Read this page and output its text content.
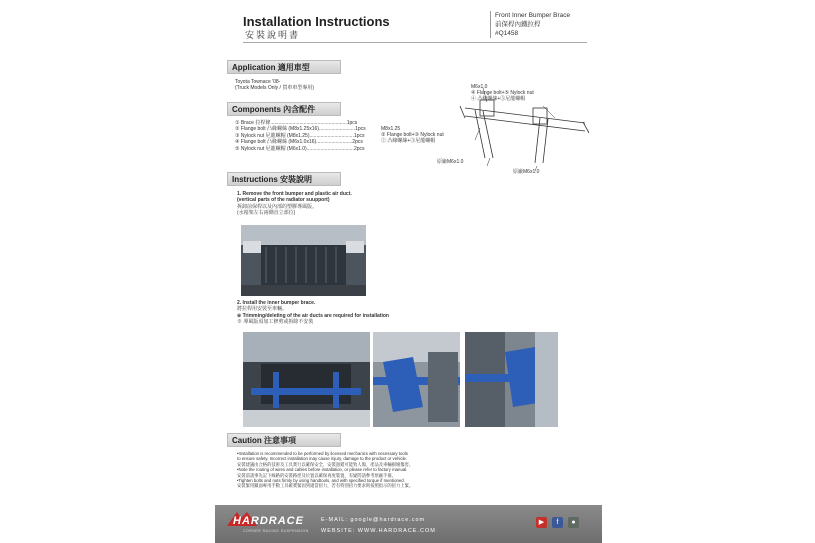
Installation Instructions
安裝說明書
Front Inner Bumper Brace
前保桿內鐵拉桿
#Q1458
Application 適用車型
Toyota Townace '08-
(Truck Models Only / 貨車車型專用)
Components 內含配件
① Brace 拉桿條.......................................................1pcs
② Flange bolt 凸緣螺絲 (M8x1.25x16)..........................1pcs
③ Nylock nut 尼龍螺帽 (M8x1.25)................................1pcs
④ Flange bolt 凸緣螺絲 (M6x1.0x16)..........................2pcs
⑤ Nylock nut 尼龍螺帽 (M6x1.0)..................................2pcs
M6x1.0
④ Flange bolt+⑤ Nylock nut
④ 凸緣螺絲+⑤尼龍螺帽
M8x1.25
② Flange bolt+③ Nylock nut
② 凸緣螺絲+③尼龍螺帽
原廠M6x1.0
原廠M6x1.0
Instructions 安裝說明
1. Remove the front bumper and plastic air duct.
(vertical parts of the radiator suupport)
拆卸前保桿以及內部的塑膠導風版。
(水箱架左右兩側直立部位)
2. Install the inner bumper brace.
將拉桿用安裝至車輛。
※ Trimming/deleting of the air ducts are required for installation
※ 導風版須加工修剪或拆除不安裝
Caution 注意事項
•Installation is recommended to be performed by licensed mechanics with necessary tools
to ensure safety. Incorrect installation may cause injury, damage to the product or vehicle.
安裝建議由合格的技術及工具實行以確保安全，安裝過錯可能致人傷、產品及車輛損壞傷害。
•Note the routing of wires and cables before installation, or please refer to factory manual.
安裝前請事先記下線路的安裝路徑及位置以確保再度裝置，有疑問請參考原廠手冊。
•Tighten bolts and nuts firmly by using handtools, and with specified torque if mentioned.
安裝緊用鎖面專用手動工具確實緊固到適當扭力，若有特別扭力要求則按照指示的扭力上緊。
HARDRACE
CORNER RACING SUSPENSION
E-MAIL: google@hardrace.com
WEBSITE: WWW.HARDRACE.COM
▶	f	●
